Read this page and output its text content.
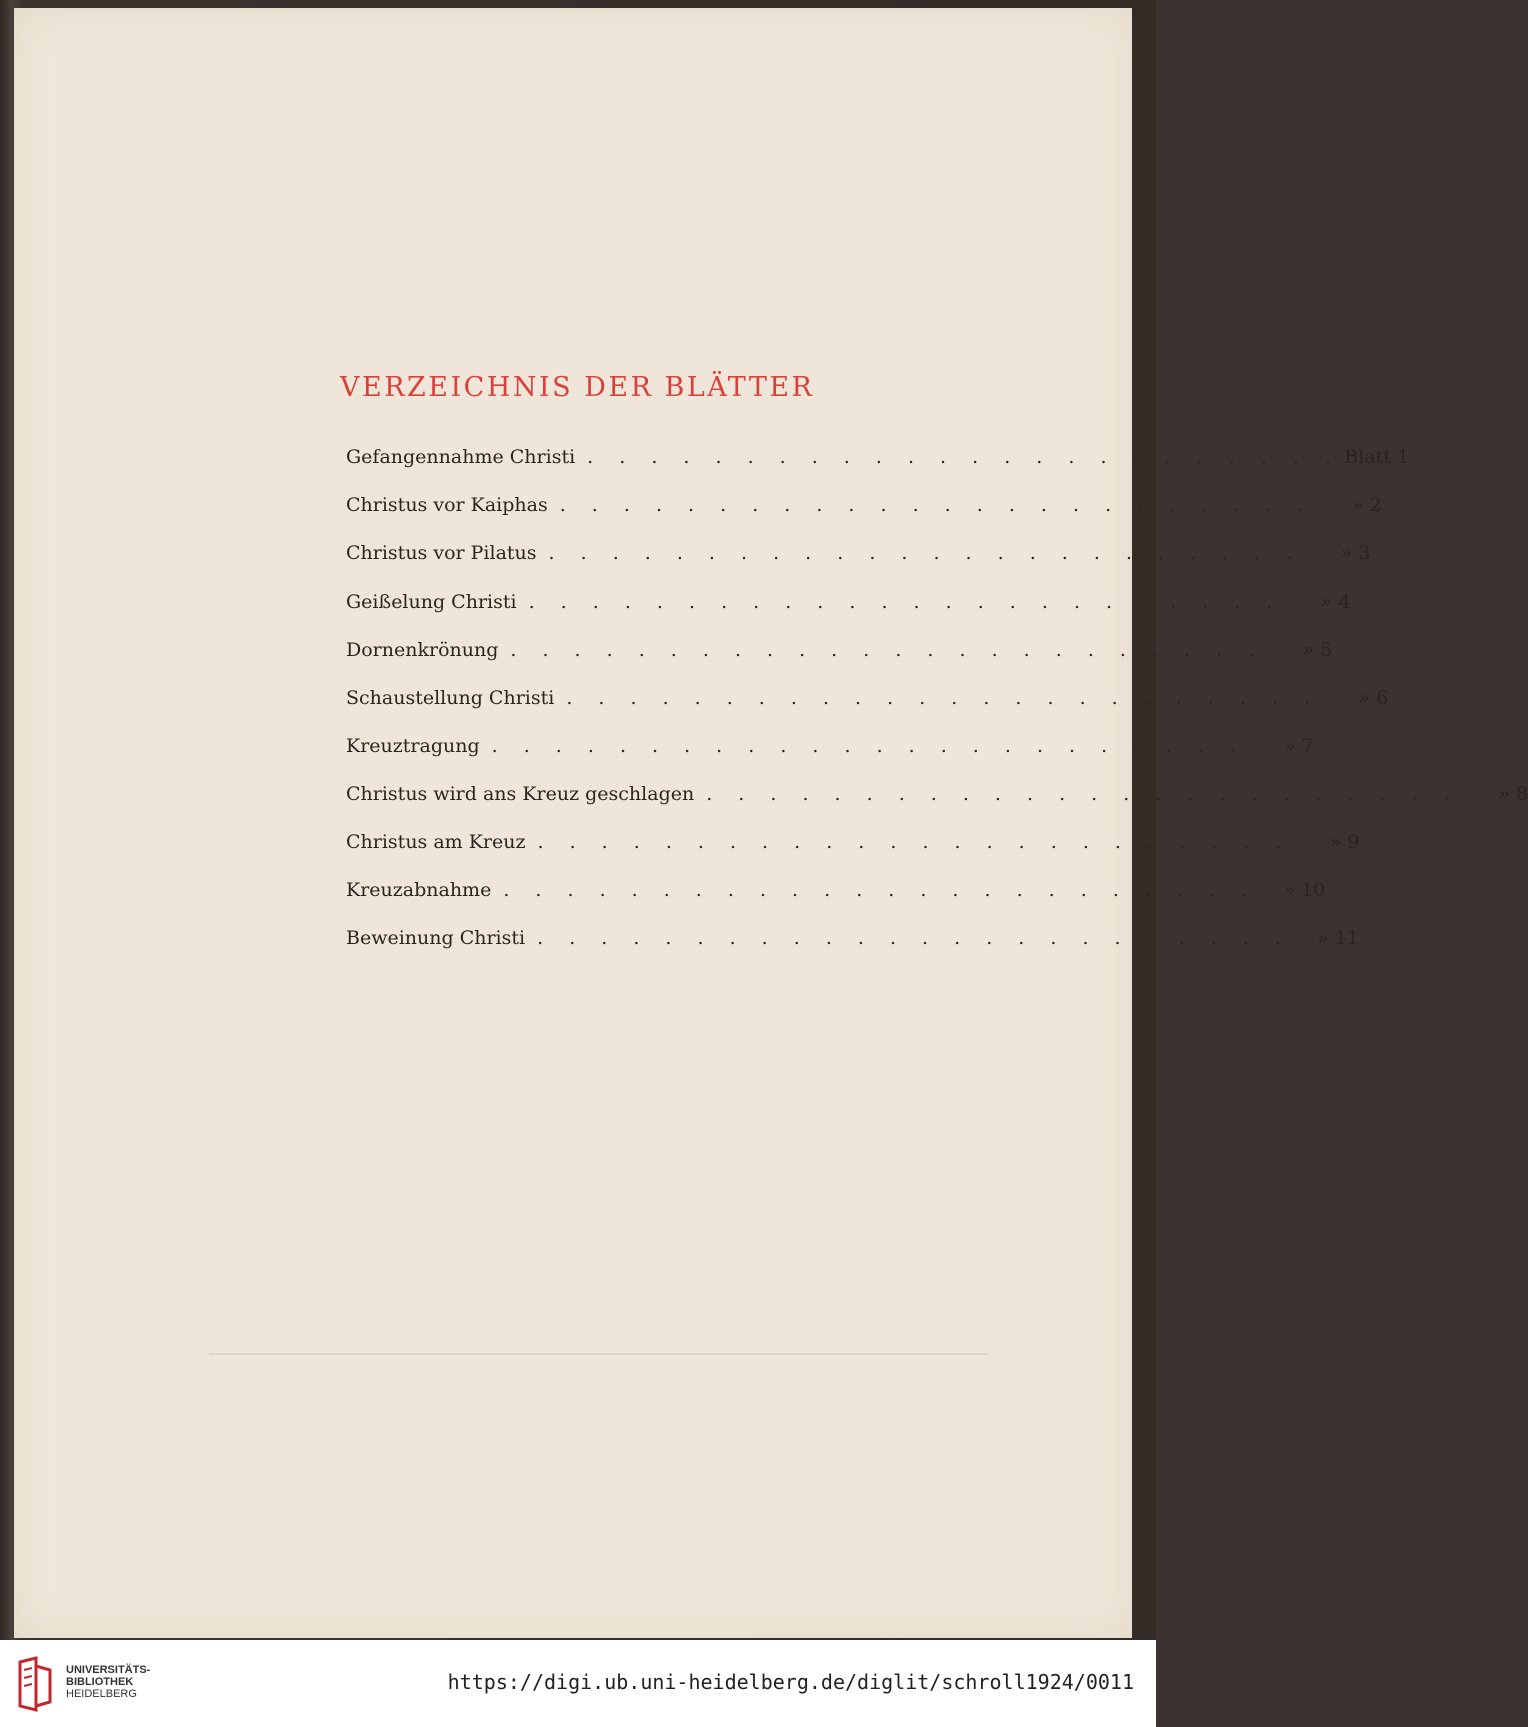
VERZEICHNIS DER BLÄTTER
Gefangennahme Christi . . . . . . . . . . . . . . . . . . . . . . . . Blatt 1
Christus vor Kaiphas . . . . . . . . . . . . . . . . . . . . . . . .	» 2
Christus vor Pilatus . . . . . . . . . . . . . . . . . . . . . . . .	» 3
Geißelung Christi . . . . . . . . . . . . . . . . . . . . . . . .	» 4
Dornenkrönung . . . . . . . . . . . . . . . . . . . . . . . .	» 5
Schaustellung Christi . . . . . . . . . . . . . . . . . . . . . . . .	» 6
Kreuztragung . . . . . . . . . . . . . . . . . . . . . . . .	» 7
Christus wird ans Kreuz geschlagen . . . . . . . . . . . . . . . . . . . . . . . .	» 8
Christus am Kreuz . . . . . . . . . . . . . . . . . . . . . . . .	» 9
Kreuzabnahme . . . . . . . . . . . . . . . . . . . . . . . .	» 10
Beweinung Christi . . . . . . . . . . . . . . . . . . . . . . . .	» 11
UNIVERSITÄTS-
BIBLIOTHEK
HEIDELBERG	https://digi.ub.uni-heidelberg.de/diglit/schroll1924/0011
